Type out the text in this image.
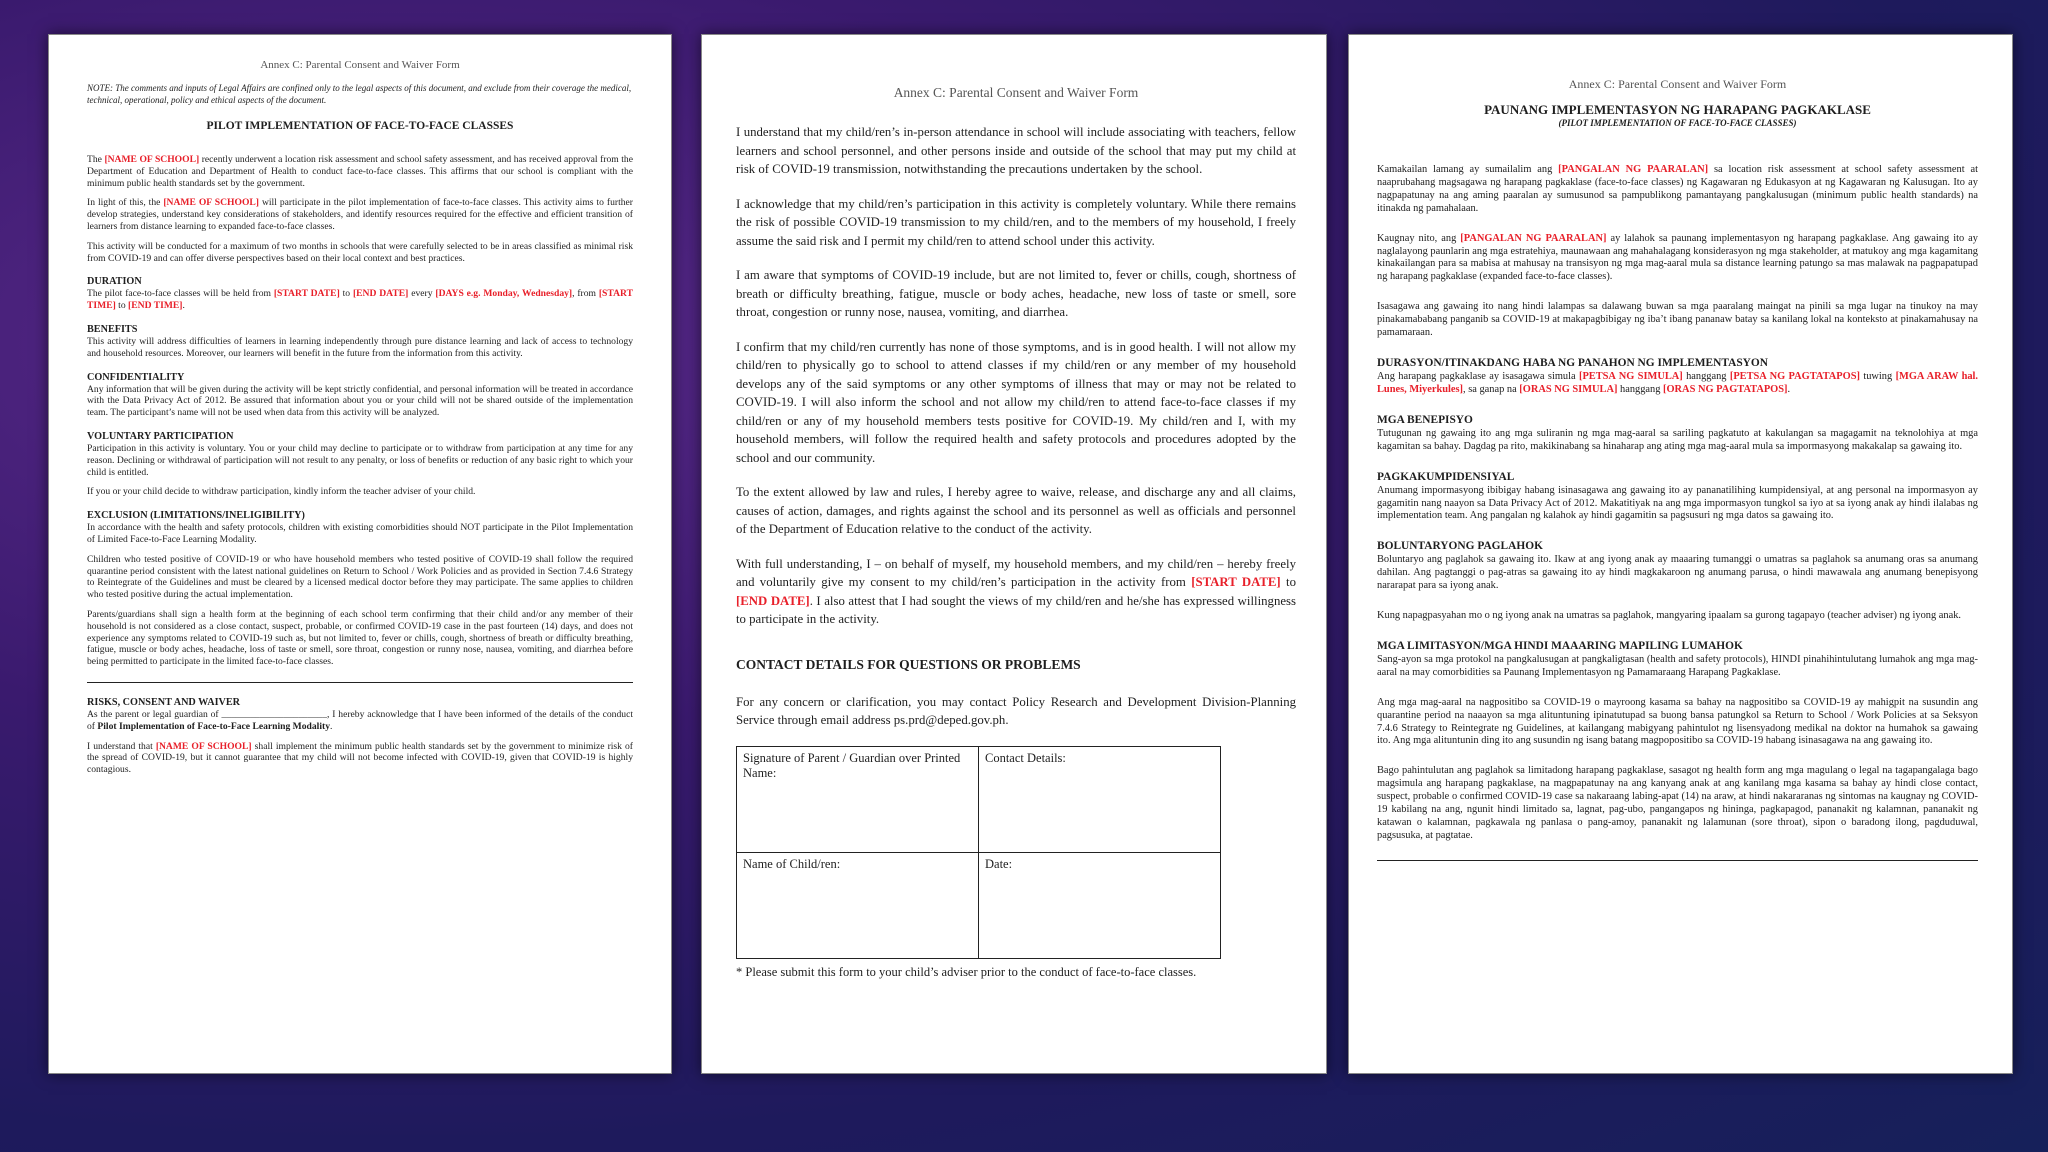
Annex C: Parental Consent and Waiver Form
NOTE: The comments and inputs of Legal Affairs are confined only to the legal aspects of this document, and exclude from their coverage the medical, technical, operational, policy and ethical aspects of the document.
PILOT IMPLEMENTATION OF FACE-TO-FACE CLASSES

The [NAME OF SCHOOL] recently underwent a location risk assessment and school safety assessment, and has received approval from the Department of Education and Department of Health to conduct face-to-face classes. This affirms that our school is compliant with the minimum public health standards set by the government.

In light of this, the [NAME OF SCHOOL] will participate in the pilot implementation of face-to-face classes. This activity aims to further develop strategies, understand key considerations of stakeholders, and identify resources required for the effective and efficient transition of learners from distance learning to expanded face-to-face classes.

This activity will be conducted for a maximum of two months in schools that were carefully selected to be in areas classified as minimal risk from COVID-19 and can offer diverse perspectives based on their local context and best practices.

DURATION

The pilot face-to-face classes will be held from [START DATE] to [END DATE] every [DAYS e.g. Monday, Wednesday], from [START TIME] to [END TIME].

BENEFITS

This activity will address difficulties of learners in learning independently through pure distance learning and lack of access to technology and household resources. Moreover, our learners will benefit in the future from the information from this activity.

CONFIDENTIALITY

Any information that will be given during the activity will be kept strictly confidential, and personal information will be treated in accordance with the Data Privacy Act of 2012. Be assured that information about you or your child will not be shared outside of the implementation team. The participant’s name will not be used when data from this activity will be analyzed.

VOLUNTARY PARTICIPATION

Participation in this activity is voluntary. You or your child may decline to participate or to withdraw from participation at any time for any reason. Declining or withdrawal of participation will not result to any penalty, or loss of benefits or reduction of any basic right to which your child is entitled.

If you or your child decide to withdraw participation, kindly inform the teacher adviser of your child.

EXCLUSION (LIMITATIONS/INELIGIBILITY)

In accordance with the health and safety protocols, children with existing comorbidities should NOT participate in the Pilot Implementation of Limited Face-to-Face Learning Modality.

Children who tested positive of COVID-19 or who have household members who tested positive of COVID-19 shall follow the required quarantine period consistent with the latest national guidelines on Return to School / Work Policies and as provided in Section 7.4.6 Strategy to Reintegrate of the Guidelines and must be cleared by a licensed medical doctor before they may participate. The same applies to children who tested positive during the actual implementation.

Parents/guardians shall sign a health form at the beginning of each school term confirming that their child and/or any member of their household is not considered as a close contact, suspect, probable, or confirmed COVID-19 case in the past fourteen (14) days, and does not experience any symptoms related to COVID-19 such as, but not limited to, fever or chills, cough, shortness of breath or difficulty breathing, fatigue, muscle or body aches, headache, loss of taste or smell, sore throat, congestion or runny nose, nausea, vomiting, and diarrhea before being permitted to participate in the limited face-to-face classes.

RISKS, CONSENT AND WAIVER

As the parent or legal guardian of ______________________, I hereby acknowledge that I have been informed of the details of the conduct of Pilot Implementation of Face-to-Face Learning Modality.

I understand that [NAME OF SCHOOL] shall implement the minimum public health standards set by the government to minimize risk of the spread of COVID-19, but it cannot guarantee that my child will not become infected with COVID-19, given that COVID-19 is highly contagious.

Annex C: Parental Consent and Waiver Form

I understand that my child/ren’s in-person attendance in school will include associating with teachers, fellow learners and school personnel, and other persons inside and outside of the school that may put my child at risk of COVID-19 transmission, notwithstanding the precautions undertaken by the school.

I acknowledge that my child/ren’s participation in this activity is completely voluntary. While there remains the risk of possible COVID-19 transmission to my child/ren, and to the members of my household, I freely assume the said risk and I permit my child/ren to attend school under this activity.

I am aware that symptoms of COVID-19 include, but are not limited to, fever or chills, cough, shortness of breath or difficulty breathing, fatigue, muscle or body aches, headache, new loss of taste or smell, sore throat, congestion or runny nose, nausea, vomiting, and diarrhea.

I confirm that my child/ren currently has none of those symptoms, and is in good health. I will not allow my child/ren to physically go to school to attend classes if my child/ren or any member of my household develops any of the said symptoms or any other symptoms of illness that may or may not be related to COVID-19. I will also inform the school and not allow my child/ren to attend face-to-face classes if my child/ren or any of my household members tests positive for COVID-19. My child/ren and I, with my household members, will follow the required health and safety protocols and procedures adopted by the school and our community.

To the extent allowed by law and rules, I hereby agree to waive, release, and discharge any and all claims, causes of action, damages, and rights against the school and its personnel as well as officials and personnel of the Department of Education relative to the conduct of the activity.

With full understanding, I – on behalf of myself, my household members, and my child/ren – hereby freely and voluntarily give my consent to my child/ren’s participation in the activity from [START DATE] to [END DATE]. I also attest that I had sought the views of my child/ren and he/she has expressed willingness to participate in the activity.

CONTACT DETAILS FOR QUESTIONS OR PROBLEMS

For any concern or clarification, you may contact Policy Research and Development Division-Planning Service through email address ps.prd@deped.gov.ph.

Signature of Parent / Guardian over Printed Name:	Contact Details:
Name of Child/ren:	Date:
* Please submit this form to your child’s adviser prior to the conduct of face-to-face classes.
Annex C: Parental Consent and Waiver Form
PAUNANG IMPLEMENTASYON NG HARAPANG PAGKAKLASE
(PILOT IMPLEMENTATION OF FACE-TO-FACE CLASSES)

Kamakailan lamang ay sumailalim ang [PANGALAN NG PAARALAN] sa location risk assessment at school safety assessment at naaprubahang magsagawa ng harapang pagkaklase (face-to-face classes) ng Kagawaran ng Edukasyon at ng Kagawaran ng Kalusugan. Ito ay nagpapatunay na ang aming paaralan ay sumusunod sa pampublikong pamantayang pangkalusugan (minimum public health standards) na itinakda ng pamahalaan.

Kaugnay nito, ang [PANGALAN NG PAARALAN] ay lalahok sa paunang implementasyon ng harapang pagkaklase. Ang gawaing ito ay naglalayong paunlarin ang mga estratehiya, maunawaan ang mahahalagang konsiderasyon ng mga stakeholder, at matukoy ang mga kagamitang kinakailangan para sa mabisa at mahusay na transisyon ng mga mag-aaral mula sa distance learning patungo sa mas malawak na pagpapatupad ng harapang pagkaklase (expanded face-to-face classes).

Isasagawa ang gawaing ito nang hindi lalampas sa dalawang buwan sa mga paaralang maingat na pinili sa mga lugar na tinukoy na may pinakamababang panganib sa COVID-19 at makapagbibigay ng iba’t ibang pananaw batay sa kanilang lokal na konteksto at pinakamahusay na pamamaraan.

DURASYON/ITINAKDANG HABA NG PANAHON NG IMPLEMENTASYON

Ang harapang pagkaklase ay isasagawa simula [PETSA NG SIMULA] hanggang [PETSA NG PAGTATAPOS] tuwing [MGA ARAW hal. Lunes, Miyerkules], sa ganap na [ORAS NG SIMULA] hanggang [ORAS NG PAGTATAPOS].

MGA BENEPISYO

Tutugunan ng gawaing ito ang mga suliranin ng mga mag-aaral sa sariling pagkatuto at kakulangan sa magagamit na teknolohiya at mga kagamitan sa bahay. Dagdag pa rito, makikinabang sa hinaharap ang ating mga mag-aaral mula sa impormasyong makakalap sa gawaing ito.

PAGKAKUMPIDENSIYAL

Anumang impormasyong ibibigay habang isinasagawa ang gawaing ito ay pananatilihing kumpidensiyal, at ang personal na impormasyon ay gagamitin nang naayon sa Data Privacy Act of 2012. Makatitiyak na ang mga impormasyon tungkol sa iyo at sa iyong anak ay hindi ilalabas ng implementation team. Ang pangalan ng kalahok ay hindi gagamitin sa pagsusuri ng mga datos sa gawaing ito.

BOLUNTARYONG PAGLAHOK

Boluntaryo ang paglahok sa gawaing ito. Ikaw at ang iyong anak ay maaaring tumanggi o umatras sa paglahok sa anumang oras sa anumang dahilan. Ang pagtanggi o pag-atras sa gawaing ito ay hindi magkakaroon ng anumang parusa, o hindi mawawala ang anumang benepisyong nararapat para sa iyong anak.

Kung napagpasyahan mo o ng iyong anak na umatras sa paglahok, mangyaring ipaalam sa gurong tagapayo (teacher adviser) ng iyong anak.

MGA LIMITASYON/MGA HINDI MAAARING MAPILING LUMAHOK

Sang-ayon sa mga protokol na pangkalusugan at pangkaligtasan (health and safety protocols), HINDI pinahihintulutang lumahok ang mga mag-aaral na may comorbidities sa Paunang Implementasyon ng Pamamaraang Harapang Pagkaklase.

Ang mga mag-aaral na nagpositibo sa COVID-19 o mayroong kasama sa bahay na nagpositibo sa COVID-19 ay mahigpit na susundin ang quarantine period na naaayon sa mga alituntuning ipinatutupad sa buong bansa patungkol sa Return to School / Work Policies at sa Seksyon 7.4.6 Strategy to Reintegrate ng Guidelines, at kailangang mabigyang pahintulot ng lisensyadong medikal na doktor na humahok sa gawaing ito. Ang mga alituntunin ding ito ang susundin ng isang batang magpopositibo sa COVID-19 habang isinasagawa na ang gawaing ito.

Bago pahintulutan ang paglahok sa limitadong harapang pagkaklase, sasagot ng health form ang mga magulang o legal na tagapangalaga bago magsimula ang harapang pagkaklase, na magpapatunay na ang kanyang anak at ang kanilang mga kasama sa bahay ay hindi close contact, suspect, probable o confirmed COVID-19 case sa nakaraang labing-apat (14) na araw, at hindi nakararanas ng sintomas na kaugnay ng COVID-19 kabilang na ang, ngunit hindi limitado sa, lagnat, pag-ubo, pangangapos ng hininga, pagkapagod, pananakit ng kalamnan, pananakit ng katawan o kalamnan, pagkawala ng panlasa o pang-amoy, pananakit ng lalamunan (sore throat), sipon o baradong ilong, pagduduwal, pagsusuka, at pagtatae.
